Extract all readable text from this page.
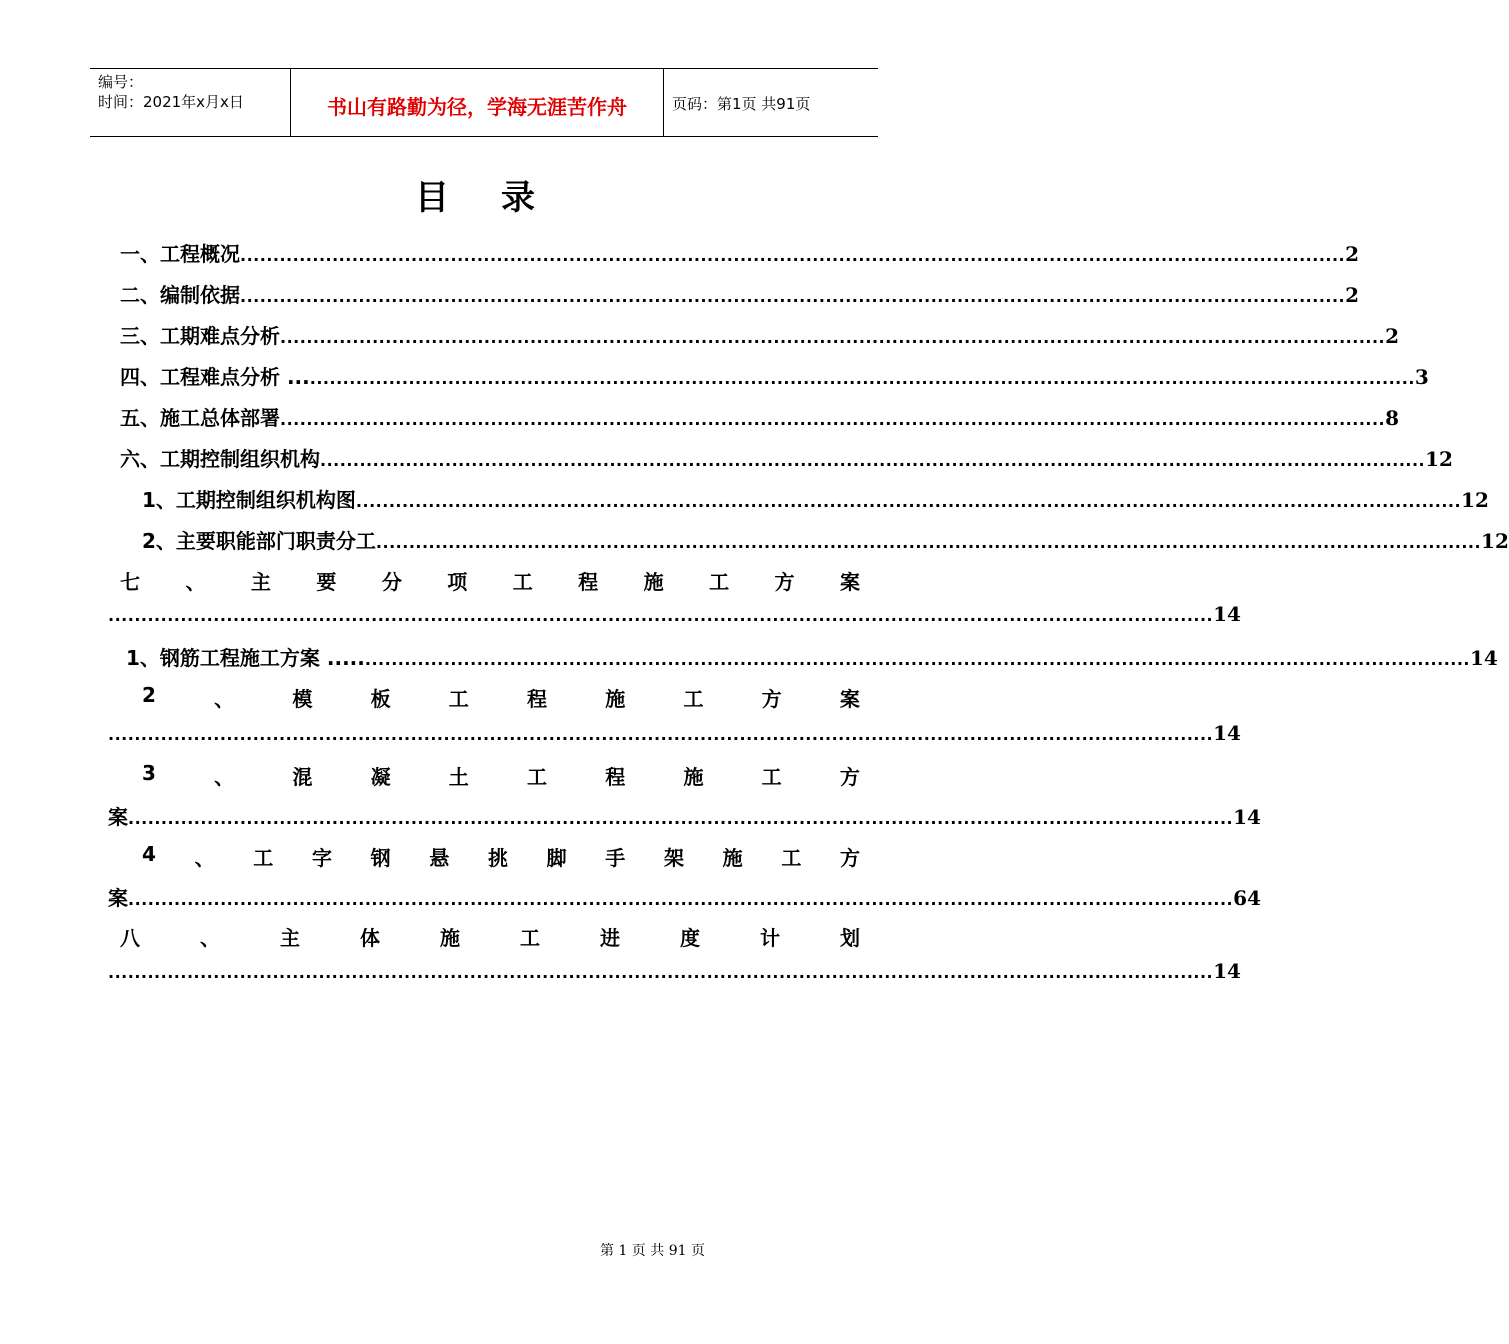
编号：
时间：2021年x月x日	书山有路勤为径，学海无涯苦作舟	页码：第1页 共91页
目 录
一、工程概况 ........................................................................................................................................................................ 2
二、编制依据 ........................................................................................................................................................................ 2
三、工期难点分析 ........................................................................................................................................................................ 2
四、工程难点分析 ... ........................................................................................................................................................................ 3
五、施工总体部署 ........................................................................................................................................................................ 8
六、工期控制组织机构 ........................................................................................................................................................................ 12
1、工期控制组织机构图 ........................................................................................................................................................................ 12
2、主要职能部门职责分工 ........................................................................................................................................................................ 12
七 、 主 要 分 项 工 程 施 工 方 案
........................................................................................................................................................................ 14
1、钢筋工程施工方案 ..... ........................................................................................................................................................................ 14
2	、	模	板	工	程	施	工	方	案
........................................................................................................................................................................ 14
3	、	混	凝	土	工	程	施	工	方
案 ........................................................................................................................................................................ 14
4 、 工 字 钢 悬 挑 脚 手 架 施 工 方
案 ........................................................................................................................................................................ 64
八	、	主	体	施	工	进	度	计	划
........................................................................................................................................................................ 14
第 1 页 共 91 页
